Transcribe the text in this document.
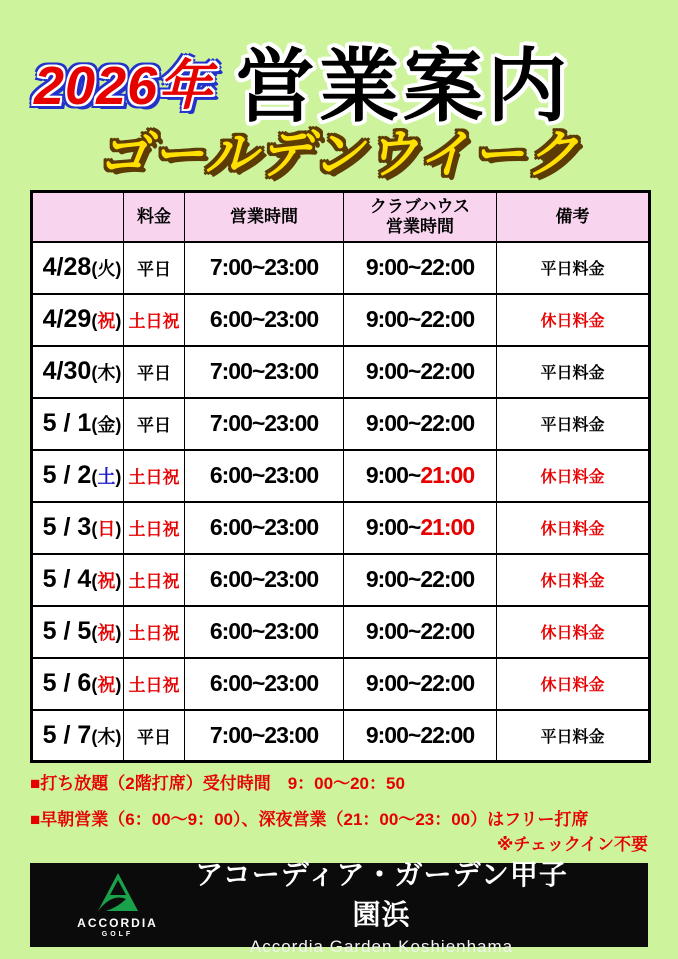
2026年 営業案内
ゴールデンウイーク
	料金	営業時間	クラブハウス
営業時間	備考
4/28(火)	平日	7:00~23:00	9:00~22:00	平日料金
4/29(祝)	土日祝	6:00~23:00	9:00~22:00	休日料金
4/30(木)	平日	7:00~23:00	9:00~22:00	平日料金
5 / 1(金)	平日	7:00~23:00	9:00~22:00	平日料金
5 / 2(土)	土日祝	6:00~23:00	9:00~21:00	休日料金
5 / 3(日)	土日祝	6:00~23:00	9:00~21:00	休日料金
5 / 4(祝)	土日祝	6:00~23:00	9:00~22:00	休日料金
5 / 5(祝)	土日祝	6:00~23:00	9:00~22:00	休日料金
5 / 6(祝)	土日祝	6:00~23:00	9:00~22:00	休日料金
5 / 7(木)	平日	7:00~23:00	9:00~22:00	平日料金
■打ち放題（2階打席）受付時間　9：00～20：50
■早朝営業（6：00～9：00）、深夜営業（21：00～23：00）はフリー打席
※チェックイン不要
ACCORDIA
GOLF
アコーディア・ガーデン甲子園浜
Accordia Garden Koshienhama
